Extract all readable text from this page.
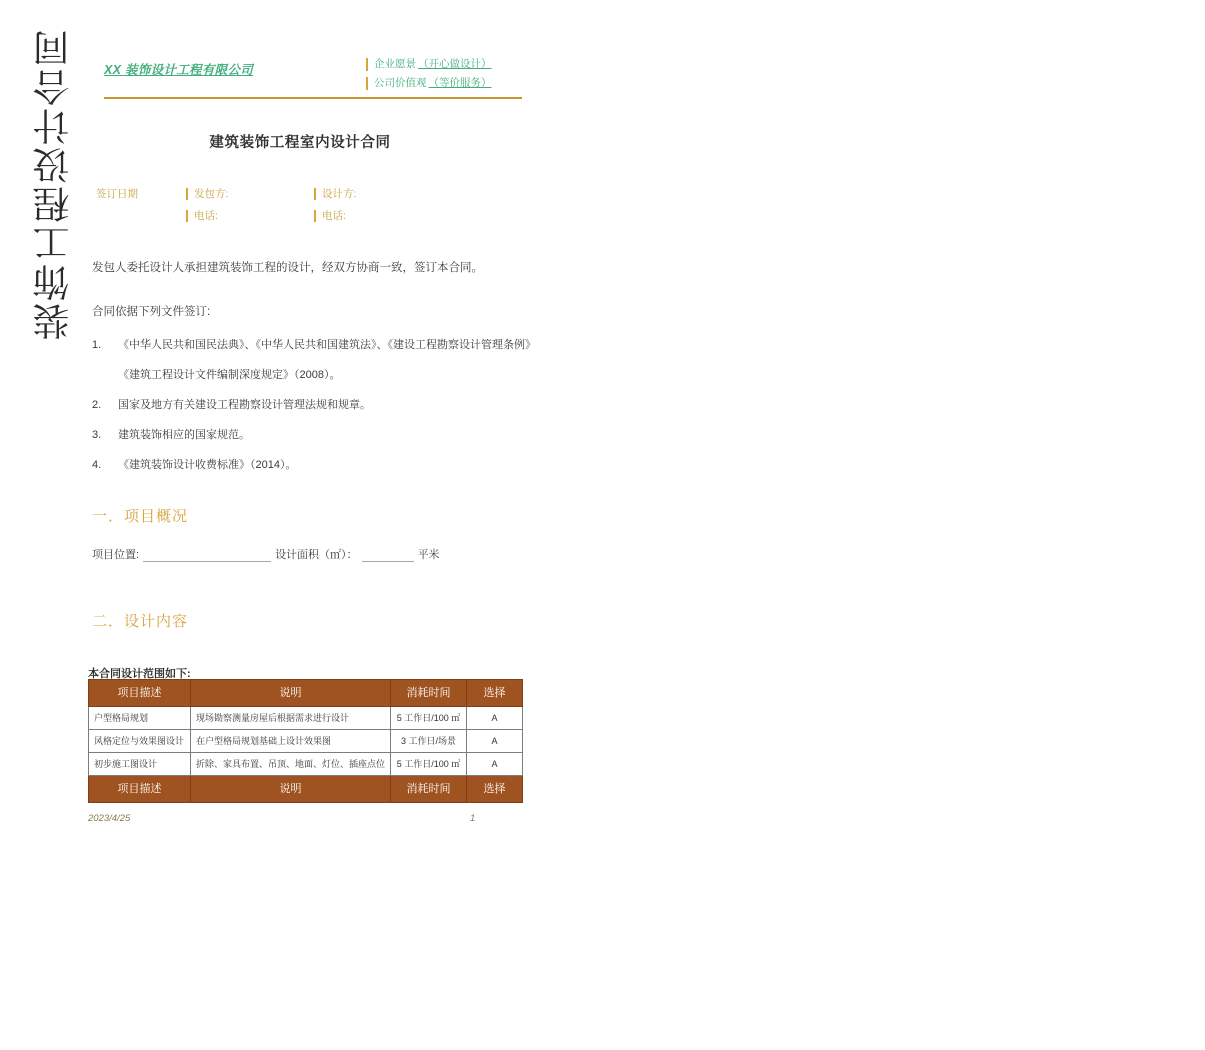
装饰工程设计合同 XX 装饰设计工程有限公司	企业愿景 （开心做设计）
公司价值观 （等价服务）
建筑装饰工程室内设计合同
签订日期	发包方:	设计方:
电话:	电话:
发包人委托设计人承担建筑装饰工程的设计，经双方协商一致，签订本合同。
合同依据下列文件签订:
1.	《中华人民共和国民法典》、《中华人民共和国建筑法》、《建设工程勘察设计管理条例》
《建筑工程设计文件编制深度规定》（2008）。
2.	国家及地方有关建设工程勘察设计管理法规和规章。
3.	建筑装饰相应的国家规范。
4.	《建筑装饰设计收费标准》（2014）。
一．项目概况
项目位置:	设计面积（㎡）：	平米
二．设计内容
本合同设计范围如下:
项目描述	说明	消耗时间	选择
户型格局规划	现场勘察测量房屋后根据需求进行设计	5 工作日/100 ㎡	A
风格定位与效果图设计	在户型格局规划基础上设计效果图	3 工作日/场景	A
初步施工图设计	折除、家具布置、吊顶、地面、灯位、插座点位	5 工作日/100 ㎡	A
项目描述	说明	消耗时间	选择
2023/4/25	1
